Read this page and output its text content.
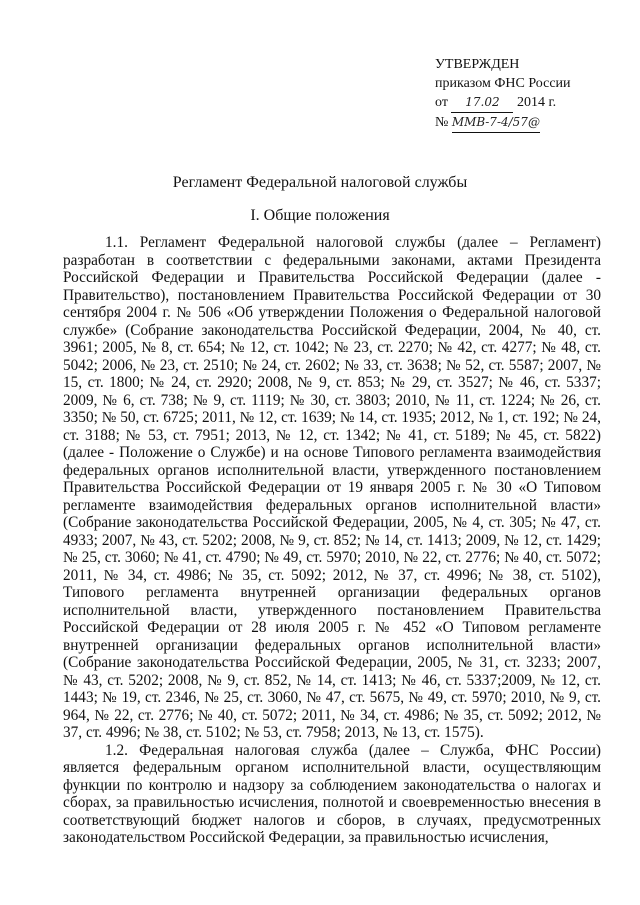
УТВЕРЖДЕН
приказом ФНС России
от 17.02 2014 г.
№ ММВ-7-4/57@
Регламент Федеральной налоговой службы
I. Общие положения

1.1. Регламент Федеральной налоговой службы (далее – Регламент) разработан в соответствии с федеральными законами, актами Президента Российской Федерации и Правительства Российской Федерации (далее - Правительство), постановлением Правительства Российской Федерации от 30 сентября 2004 г. № 506 «Об утверждении Положения о Федеральной налоговой службе» (Собрание законодательства Российской Федерации, 2004, № 40, ст. 3961; 2005, № 8, ст. 654; № 12, ст. 1042; № 23, ст. 2270; № 42, ст. 4277; № 48, ст. 5042; 2006, № 23, ст. 2510; № 24, ст. 2602; № 33, ст. 3638; № 52, ст. 5587; 2007, № 15, ст. 1800; № 24, ст. 2920; 2008, № 9, ст. 853; № 29, ст. 3527; № 46, ст. 5337; 2009, № 6, ст. 738; № 9, ст. 1119; № 30, ст. 3803; 2010, № 11, ст. 1224; № 26, ст. 3350; № 50, ст. 6725; 2011, № 12, ст. 1639; № 14, ст. 1935; 2012, № 1, ст. 192; № 24, ст. 3188; № 53, ст. 7951; 2013, № 12, ст. 1342; № 41, ст. 5189; № 45, ст. 5822) (далее - Положение о Службе) и на основе Типового регламента взаимодействия федеральных органов исполнительной власти, утвержденного постановлением Правительства Российской Федерации от 19 января 2005 г. № 30 «О Типовом регламенте взаимодействия федеральных органов исполнительной власти» (Собрание законодательства Российской Федерации, 2005, № 4, ст. 305; № 47, ст. 4933; 2007, № 43, ст. 5202; 2008, № 9, ст. 852; № 14, ст. 1413; 2009, № 12, ст. 1429; № 25, ст. 3060; № 41, ст. 4790; № 49, ст. 5970; 2010, № 22, ст. 2776; № 40, ст. 5072; 2011, № 34, ст. 4986; № 35, ст. 5092; 2012, № 37, ст. 4996; № 38, ст. 5102), Типового регламента внутренней организации федеральных органов исполнительной власти, утвержденного постановлением Правительства Российской Федерации от 28 июля 2005 г. № 452 «О Типовом регламенте внутренней организации федеральных органов исполнительной власти» (Собрание законодательства Российской Федерации, 2005, № 31, ст. 3233; 2007, № 43, ст. 5202; 2008, № 9, ст. 852, № 14, ст. 1413; № 46, ст. 5337;2009, № 12, ст. 1443; № 19, ст. 2346, № 25, ст. 3060, № 47, ст. 5675, № 49, ст. 5970; 2010, № 9, ст. 964, № 22, ст. 2776; № 40, ст. 5072; 2011, № 34, ст. 4986; № 35, ст. 5092; 2012, № 37, ст. 4996; № 38, ст. 5102; № 53, ст. 7958; 2013, № 13, ст. 1575).

1.2. Федеральная налоговая служба (далее – Служба, ФНС России) является федеральным органом исполнительной власти, осуществляющим функции по контролю и надзору за соблюдением законодательства о налогах и сборах, за правильностью исчисления, полнотой и своевременностью внесения в соответствующий бюджет налогов и сборов, в случаях, предусмотренных законодательством Российской Федерации, за правильностью исчисления,
